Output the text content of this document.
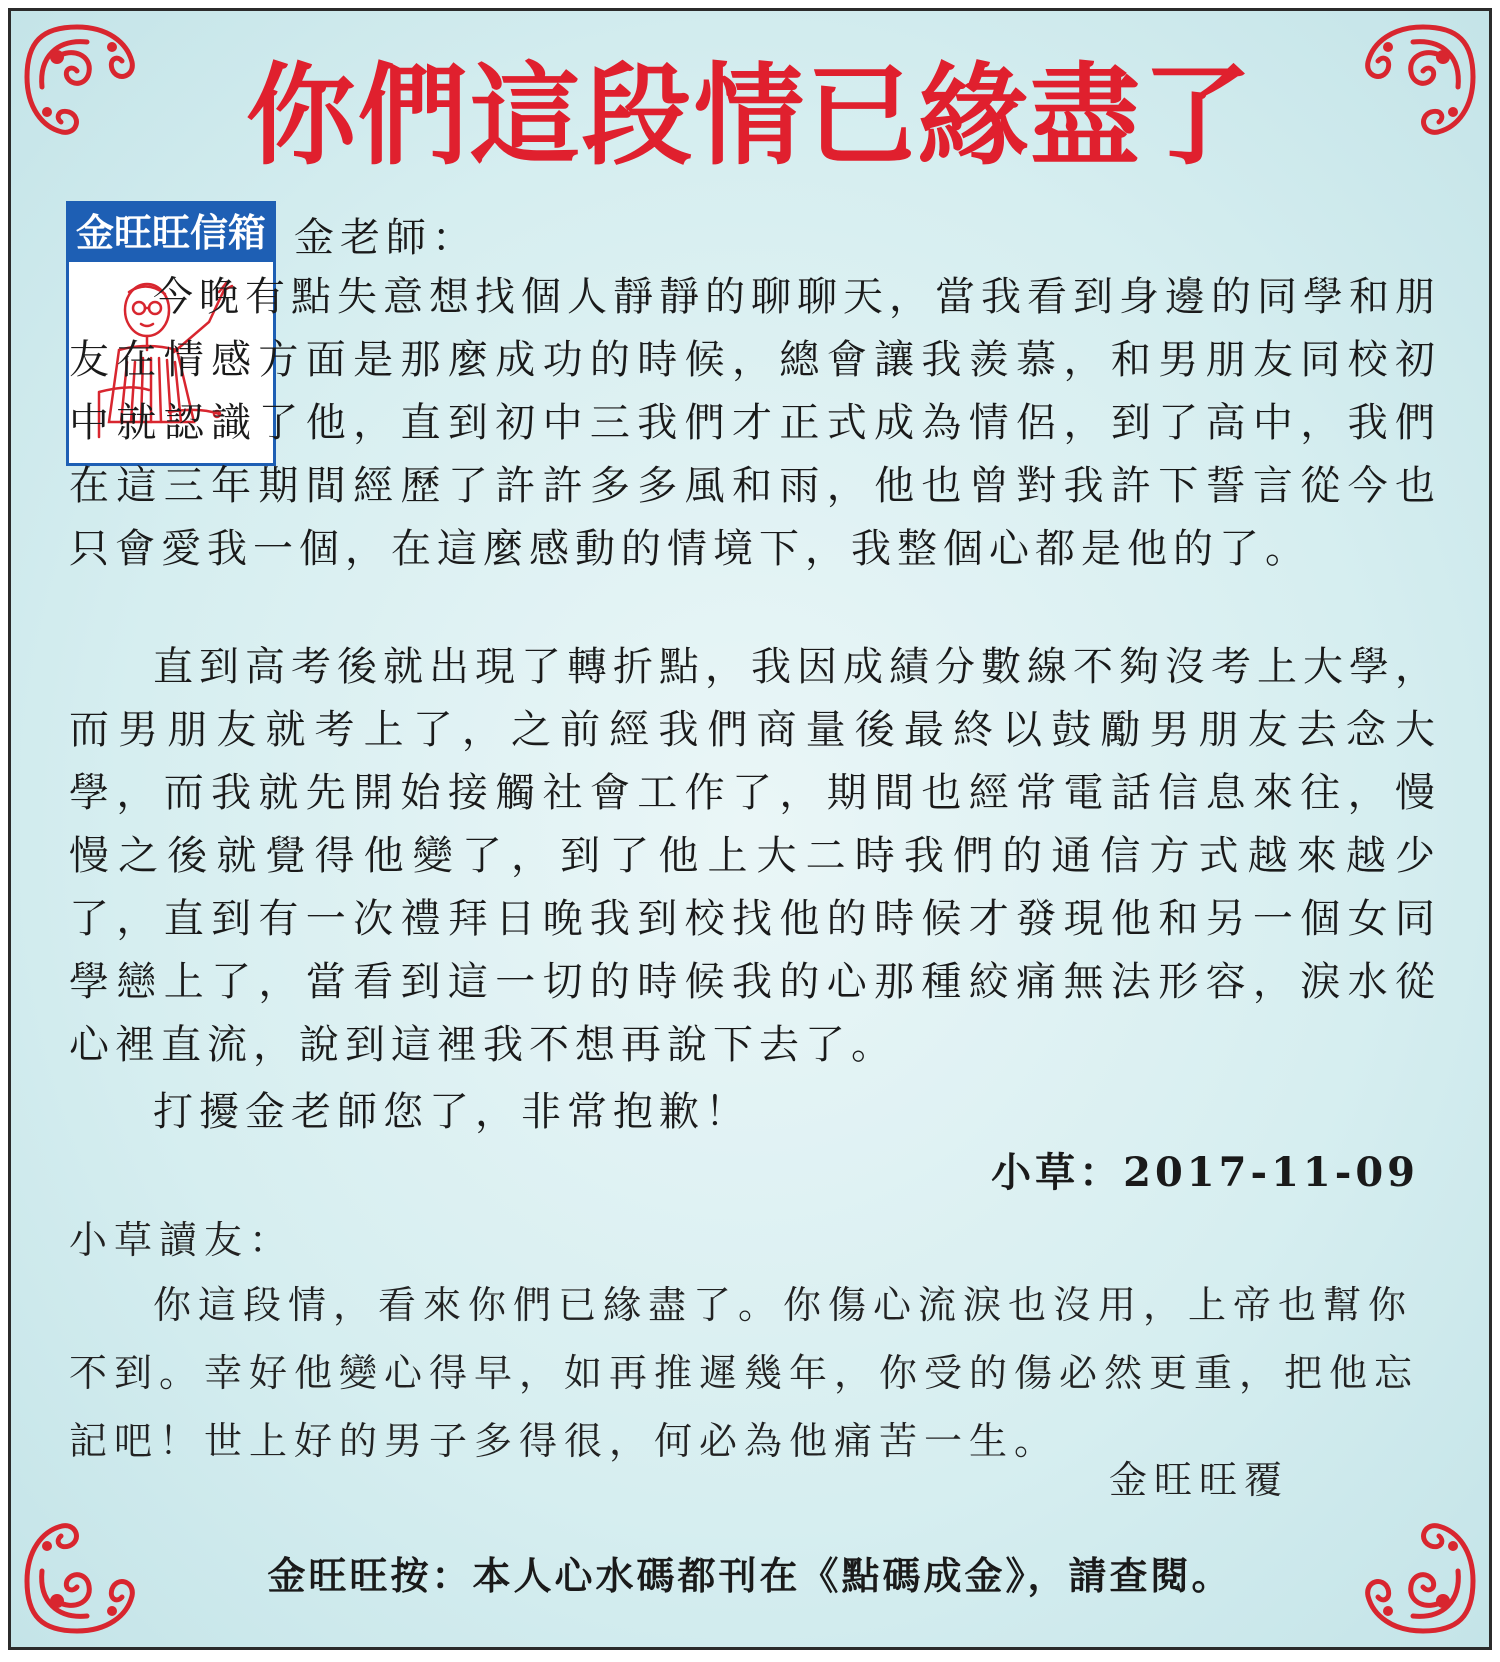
你們這段情已緣盡了
金旺旺信箱 金老師：

今晚有點失意想找個人靜靜的聊聊天，當我看到身邊的同學和朋友在情感方面是那麼成功的時候，總會讓我羨慕，和男朋友同校初中就認識了他，直到初中三我們才正式成為情侶，到了高中，我們在這三年期間經歷了許許多多風和雨，他也曾對我許下誓言從今也只會愛我一個，在這麼感動的情境下，我整個心都是他的了。

直到高考後就出現了轉折點，我因成績分數線不夠沒考上大學，而男朋友就考上了，之前經我們商量後最終以鼓勵男朋友去念大學，而我就先開始接觸社會工作了，期間也經常電話信息來往，慢慢之後就覺得他變了，到了他上大二時我們的通信方式越來越少了，直到有一次禮拜日晚我到校找他的時候才發現他和另一個女同學戀上了，當看到這一切的時候我的心那種絞痛無法形容，淚水從心裡直流，說到這裡我不想再說下去了。

打擾金老師您了，非常抱歉！

小草：2017-11-09
小草讀友：

你這段情，看來你們已緣盡了。你傷心流淚也沒用，上帝也幫你不到。幸好他變心得早，如再推遲幾年，你受的傷必然更重，把他忘記吧！世上好的男子多得很，何必為他痛苦一生。

金旺旺覆
金旺旺按：本人心水碼都刊在《點碼成金》，請查閱。
